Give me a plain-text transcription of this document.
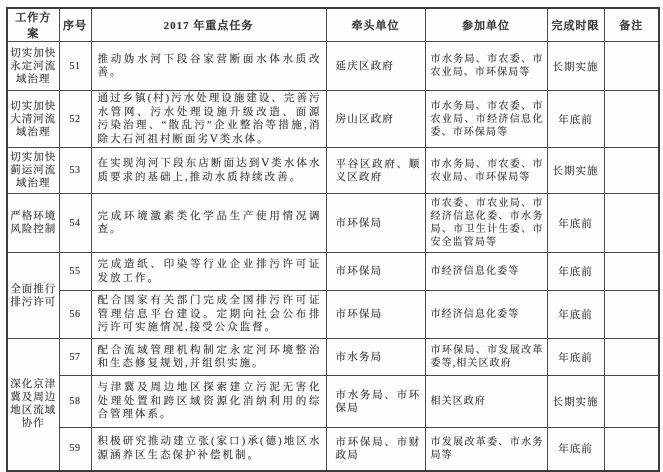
工作方案	序号	2017 年重点任务	牵头单位	参加单位	完成时限	备注
切实加快永定河流域治理	51	推动妫水河下段谷家营断面水体水质改善。	延庆区政府	市水务局、市农委、市农业局、市环保局等	长期实施	
切实加快大清河流域治理	52	通过乡镇(村)污水处理设施建设、完善污水管网、污水处理设施升级改造、面源污染治理、“散乱污”企业整治等措施,消除大石河祖村断面劣Ⅴ类水体。	房山区政府	市水务局、市农委、市农业局、市经济信息化委、市环保局等	年底前	
切实加快蓟运河流域治理	53	在实现泃河下段东店断面达到Ⅴ类水体水质要求的基础上,推动水质持续改善。	平谷区政府、顺义区政府	市水务局、市农委、市农业局、市环保局等	长期实施	
严格环境风险控制	54	完成环境激素类化学品生产使用情况调查。	市环保局	市农委、市农业局、市经济信息化委、市水务局、市卫生计生委、市安全监管局等	年底前	
全面推行排污许可	55	完成造纸、印染等行业企业排污许可证发放工作。	市环保局	市经济信息化委等	年底前	
	56	配合国家有关部门完成全国排污许可证管理信息平台建设。定期向社会公布排污许可实施情况,接受公众监督。	市环保局	市经济信息化委等	年底前	
深化京津冀及周边地区流域协作	57	配合流域管理机构制定永定河环境整治和生态修复规划,并组织实施。	市水务局	市环保局、市发展改革委等,相关区政府	年底前	
	58	与津冀及周边地区探索建立污泥无害化处理处置和跨区域资源化消纳利用的综合管理体系。	市水务局、市环保局	相关区政府	长期实施	
	59	积极研究推动建立张(家口)承(德)地区水源涵养区生态保护补偿机制。	市环保局、市财政局	市发展改革委、市水务局等	年底前	
